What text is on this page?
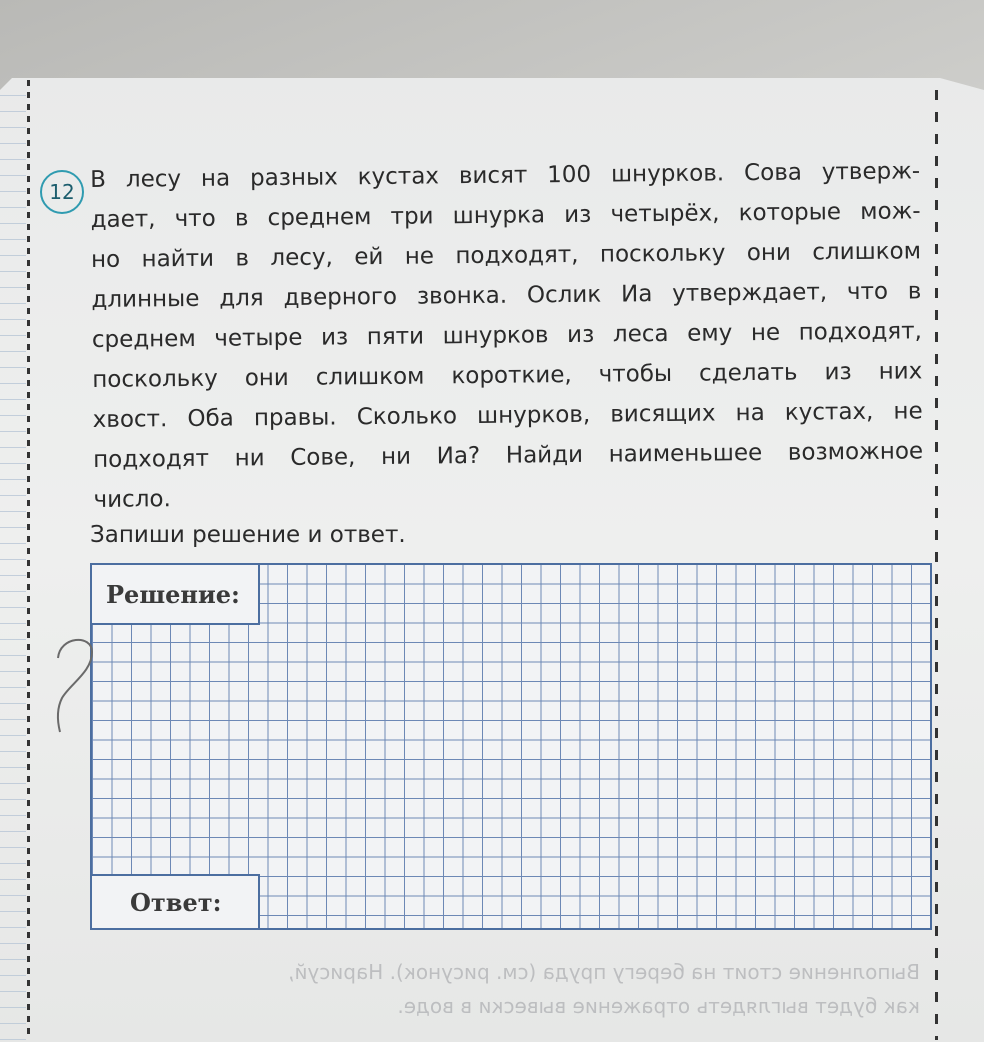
12 В лесу на разных кустах висят 100 шнурков. Сова утверж-
дает, что в среднем три шнурка из четырёх, которые мож-
но найти в лесу, ей не подходят, поскольку они слишком
длинные для дверного звонка. Ослик Иа утверждает, что в
среднем четыре из пяти шнурков из леса ему не подходят,
поскольку они слишком короткие, чтобы сделать из них
хвост. Оба правы. Сколько шнурков, висящих на кустах, не
подходят ни Сове, ни Иа? Найди наименьшее возможное
число.
Запиши решение и ответ.
Решение:
Ответ:
Выполнение стоит на берегу пруда (см. рисунок). Нарисуй,
как будет выглядеть отражение вывески в воде.
